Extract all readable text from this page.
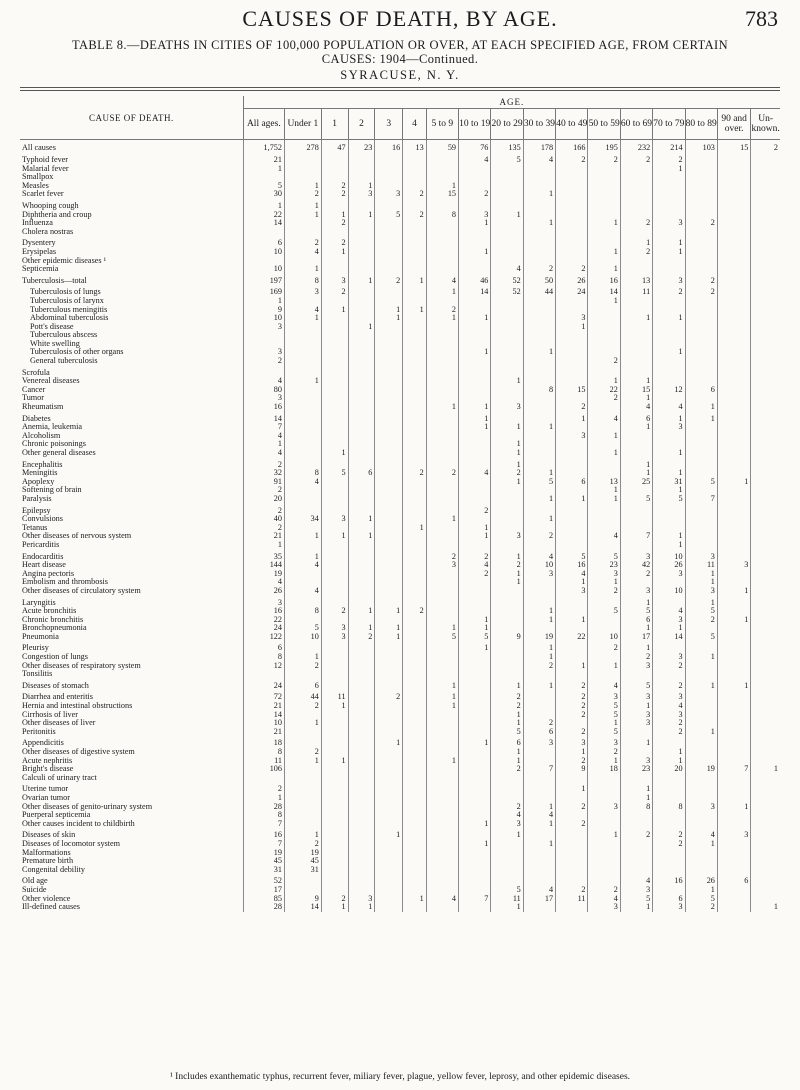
CAUSES OF DEATH, BY AGE.	783
TABLE 8.—DEATHS IN CITIES OF 100,000 POPULATION OR OVER, AT EACH SPECIFIED AGE, FROM CERTAIN
CAUSES: 1904—Continued.
SYRACUSE, N. Y.
CAUSE OF DEATH.	AGE.																
	All ages.	Under 1	1	2	3	4	5 to 9	10 to 19	20 to 29	30 to 39	40 to 49	50 to 59	60 to 69	70 to 79	80 to 89	90 and over.	Un-known.

All causes	1,752	278	47	23	16	13	59	76	135	178	166	195	232	214	103	15	2

Typhoid fever	21							4	5	4	2	2	2	2			
Malarial fever	1													1			
Smallpox																	
Measles	5	1	2	1			1										
Scarlet fever	30	2	2	3	3	2	15	2		1							

Whooping cough	1	1															
Diphtheria and croup	22	1	1	1	5	2	8	3	1								
Influenza	14		2					1		1		1	2	3	2		
Cholera nostras																	

Dysentery	6	2	2										1	1			
Erysipelas	10	4	1					1				1	2	1			
Other epidemic diseases ¹																	
Septicemia	10	1							4	2	2	1					

Tuberculosis—total	197	8	3	1	2	1	4	46	52	50	26	16	13	3	2		

Tuberculosis of lungs	169	3	2				1	14	52	44	24	14	11	2	2		
Tuberculosis of larynx	1											1					
Tuberculous meningitis	9	4	1		1	1	2										
Abdominal tuberculosis	10	1			1		1	1			3		1	1			
Pott's disease	3			1							1						
Tuberculous abscess																	
White swelling																	
Tuberculosis of other organs	3							1		1				1			
General tuberculosis	2											2					

Scrofula																	
Venereal diseases	4	1							1			1	1				
Cancer	80									8	15	22	15	12	6		
Tumor	3											2	1				
Rheumatism	16						1	1	3		2		4	4	1		

Diabetes	14							1			1	4	6	1	1		
Anemia, leukemia	7							1	1	1			1	3			
Alcoholism	4										3	1					
Chronic poisonings	1								1								
Other general diseases	4		1						1			1		1			

Encephalitis	2								1				1				
Meningitis	32	8	5	6		2	2	4	2	1			1	1			
Apoplexy	91	4							1	5	6	13	25	31	5	1	
Softening of brain	2											1		1			
Paralysis	20									1	1	1	5	5	7		

Epilepsy	2							2									
Convulsions	40	34	3	1			1			1							
Tetanus	2					1		1									
Other diseases of nervous system	21	1	1	1				1	3	2		4	7	1			
Pericarditis	1													1			

Endocarditis	35	1					2	2	1	4	5	5	3	10	3		
Heart disease	144	4					3	4	2	10	16	23	42	26	11	3	
Angina pectoris	19							2	1	3	4	3	2	3	1		
Embolism and thrombosis	4								1		1	1			1		
Other diseases of circulatory system	26	4									3	2	3	10	3	1	

Laryngitis	3												1		1		
Acute bronchitis	16	8	2	1	1	2				1		5	5	4	5		
Chronic bronchitis	22							1		1	1		6	3	2	1	
Bronchopneumonia	24	5	3	1	1		1	1					1	1			
Pneumonia	122	10	3	2	1		5	5	9	19	22	10	17	14	5		

Pleurisy	6							1		1		2	1				
Congestion of lungs	8	1								1			2	3	1		
Other diseases of respiratory system	12	2								2	1	1	3	2			
Tonsilitis																	

Diseases of stomach	24	6					1		1	1	2	4	5	2	1	1	

Diarrhea and enteritis	72	44	11		2		1		2		2	3	3	3			
Hernia and intestinal obstructions	21	2	1				1		2		2	5	1	4			
Cirrhosis of liver	14								1		2	5	3	3			
Other diseases of liver	10	1							1	2		1	3	2			
Peritonitis	21								5	6	2	5		2	1		

Appendicitis	18				1			1	6	3	3	3	1				
Other diseases of digestive system	8	2							1		1	2		1			
Acute nephritis	11	1	1				1		1		2	1	3	1			
Bright's disease	106								2	7	9	18	23	20	19	7	1
Calculi of urinary tract																	

Uterine tumor	2										1		1				
Ovarian tumor	1												1				
Other diseases of genito-urinary system	28								2	1	2	3	8	8	3	1	
Puerperal septicemia	8								4	4							
Other causes incident to childbirth	7							1	3	1	2						

Diseases of skin	16	1			1				1			1	2	2	4	3	
Diseases of locomotor system	7	2						1		1				2	1		
Malformations	19	19															
Premature birth	45	45															
Congenital debility	31	31															

Old age	52												4	16	26	6	
Suicide	17								5	4	2	2	3		1		
Other violence	85	9	2	3		1	4	7	11	17	11	4	5	6	5		
Ill-defined causes	28	14	1	1					1			3	1	3	2		1
¹ Includes exanthematic typhus, recurrent fever, miliary fever, plague, yellow fever, leprosy, and other epidemic diseases.
